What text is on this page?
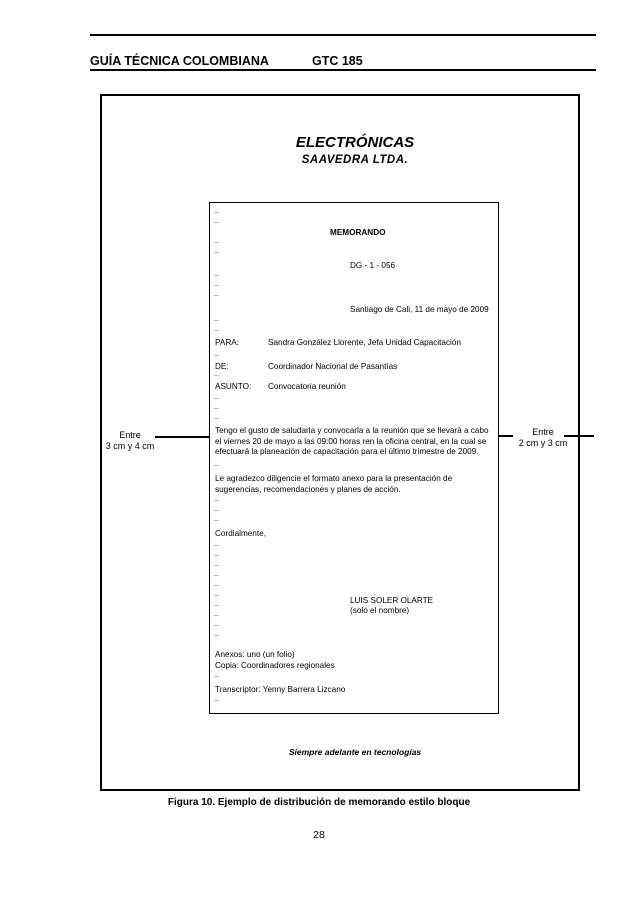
GUÍA TÉCNICA COLOMBIANA	GTC 185
ELECTRÓNICAS
SAAVEDRA LTDA.
MEMORANDO
DG - 1 - 056
Santiago de Cali, 11 de mayo de 2009
PARA:	Sandra González Llorente, Jefa Unidad Capacitación
DE:	Coordinador Nacional de Pasantías
ASUNTO: Convocatoria reunión
Tengo el gusto de saludarla y convocarla a la reunión que se llevará a cabo el viernes 20 de mayo a las 09:00 horas ren la oficina central, en la cual se efectuará la planeación de capacitación para el último trimestre de 2009.
Le agradezco diligencie el formato anexo para la presentación de sugerencias, recomendaciones y planes de acción.
Cordialmente,
LUIS SOLER OLARTE
(solo el nombre)
Anexos: uno (un folio)
Copia: Coordinadores regionales
Transcriptor: Yenny Barrera Lizcano
Siempre adelante en tecnologías
Entre
3 cm y 4 cm
Entre
2 cm y 3 cm
Figura 10. Ejemplo de distribución de memorando estilo bloque
28
